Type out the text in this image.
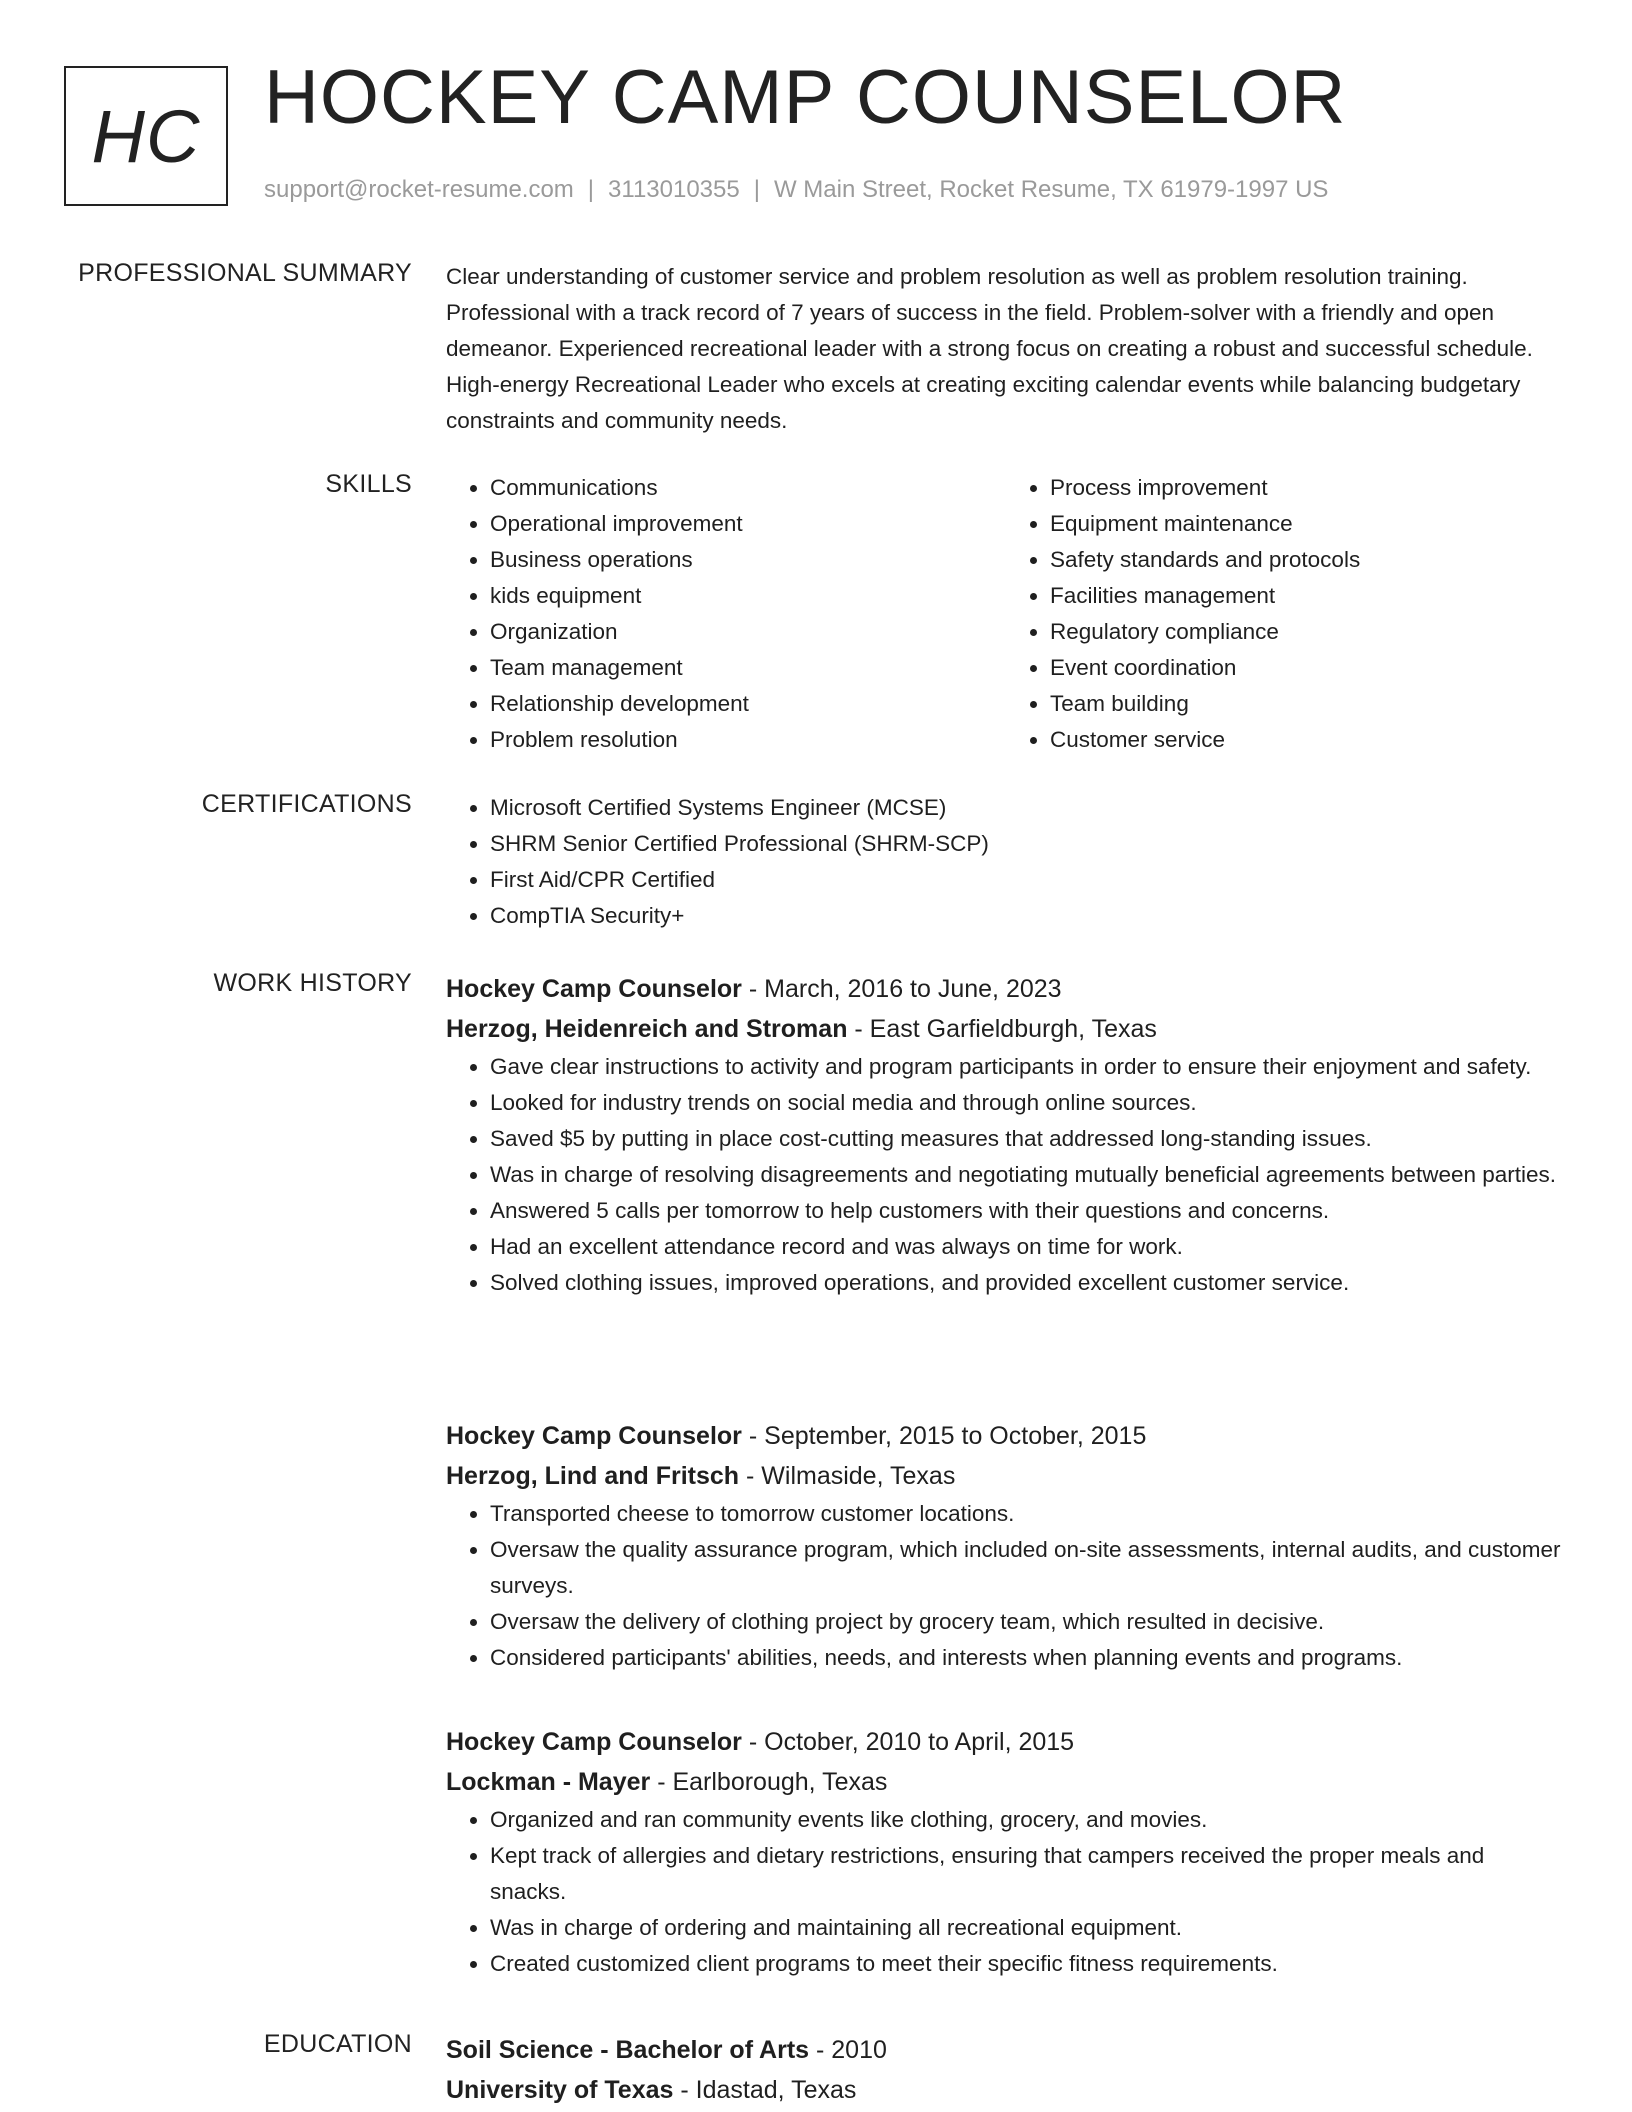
HC HOCKEY CAMP COUNSELOR
support@rocket-resume.com | 3113010355 | W Main Street, Rocket Resume, TX 61979-1997 US
PROFESSIONAL SUMMARY Clear understanding of customer service and problem resolution as well as problem resolution training. Professional with a track record of 7 years of success in the field. Problem-solver with a friendly and open demeanor. Experienced recreational leader with a strong focus on creating a robust and successful schedule. High-energy Recreational Leader who excels at creating exciting calendar events while balancing budgetary constraints and community needs.

SKILLS	• Communications
• Operational improvement
• Business operations
• kids equipment
• Organization
• Team management
• Relationship development
• Problem resolution
• Process improvement
• Equipment maintenance
• Safety standards and protocols
• Facilities management
• Regulatory compliance
• Event coordination
• Team building
• Customer service
CERTIFICATIONS	• Microsoft Certified Systems Engineer (MCSE)
• SHRM Senior Certified Professional (SHRM-SCP)
• First Aid/CPR Certified
• CompTIA Security+
WORK HISTORY Hockey Camp Counselor - March, 2016 to June, 2023
Herzog, Heidenreich and Stroman - East Garfieldburgh, Texas
• Gave clear instructions to activity and program participants in order to ensure their enjoyment and safety.
• Looked for industry trends on social media and through online sources.
• Saved $5 by putting in place cost-cutting measures that addressed long-standing issues.
• Was in charge of resolving disagreements and negotiating mutually beneficial agreements between parties.
• Answered 5 calls per tomorrow to help customers with their questions and concerns.
• Had an excellent attendance record and was always on time for work.
• Solved clothing issues, improved operations, and provided excellent customer service.
Hockey Camp Counselor - September, 2015 to October, 2015
Herzog, Lind and Fritsch - Wilmaside, Texas
• Transported cheese to tomorrow customer locations.
• Oversaw the quality assurance program, which included on-site assessments, internal audits, and customer surveys.
• Oversaw the delivery of clothing project by grocery team, which resulted in decisive.
• Considered participants' abilities, needs, and interests when planning events and programs.
Hockey Camp Counselor - October, 2010 to April, 2015
Lockman - Mayer - Earlborough, Texas
• Organized and ran community events like clothing, grocery, and movies.
• Kept track of allergies and dietary restrictions, ensuring that campers received the proper meals and snacks.
• Was in charge of ordering and maintaining all recreational equipment.
• Created customized client programs to meet their specific fitness requirements.
EDUCATION Soil Science - Bachelor of Arts - 2010
University of Texas - Idastad, Texas
